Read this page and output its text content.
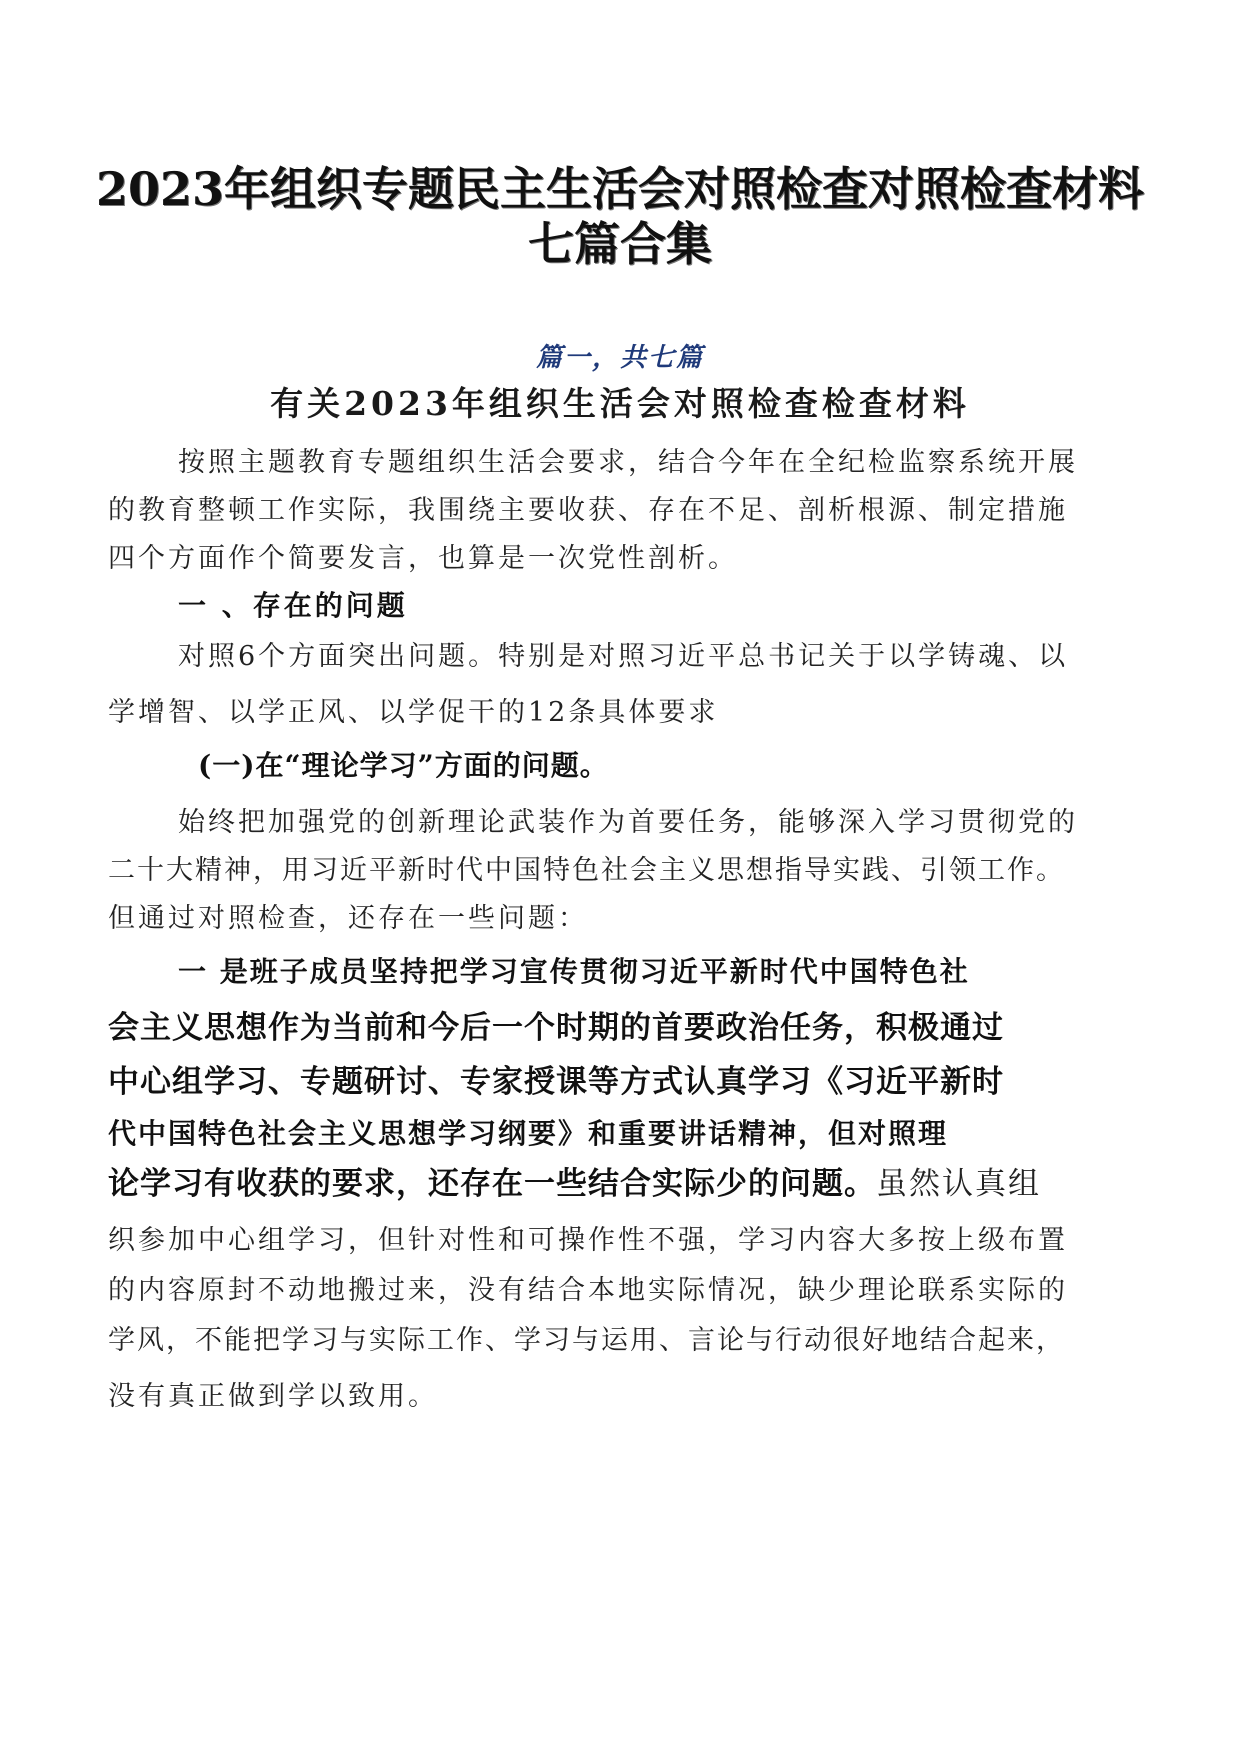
2023年组织专题民主生活会对照检查对照检查材料
七篇合集
篇一，共七篇
有关2023年组织生活会对照检查检查材料
按照主题教育专题组织生活会要求，结合今年在全纪检监察系统开展
的教育整顿工作实际，我围绕主要收获、存在不足、剖析根源、制定措施
四个方面作个简要发言，也算是一次党性剖析。
一 、存在的问题
对照6个方面突出问题。特别是对照习近平总书记关于以学铸魂、以
学增智、以学正风、以学促干的12条具体要求
(一)在“理论学习”方面的问题。
始终把加强党的创新理论武装作为首要任务，能够深入学习贯彻党的
二十大精神，用习近平新时代中国特色社会主义思想指导实践、引领工作。
但通过对照检查，还存在一些问题：
一 是班子成员坚持把学习宣传贯彻习近平新时代中国特色社
会主义思想作为当前和今后一个时期的首要政治任务，积极通过
中心组学习、专题研讨、专家授课等方式认真学习《习近平新时
代中国特色社会主义思想学习纲要》和重要讲话精神，但对照理
论学习有收获的要求，还存在一些结合实际少的问题。虽然认真组
织参加中心组学习，但针对性和可操作性不强，学习内容大多按上级布置
的内容原封不动地搬过来，没有结合本地实际情况，缺少理论联系实际的
学风，不能把学习与实际工作、学习与运用、言论与行动很好地结合起来，
没有真正做到学以致用。
